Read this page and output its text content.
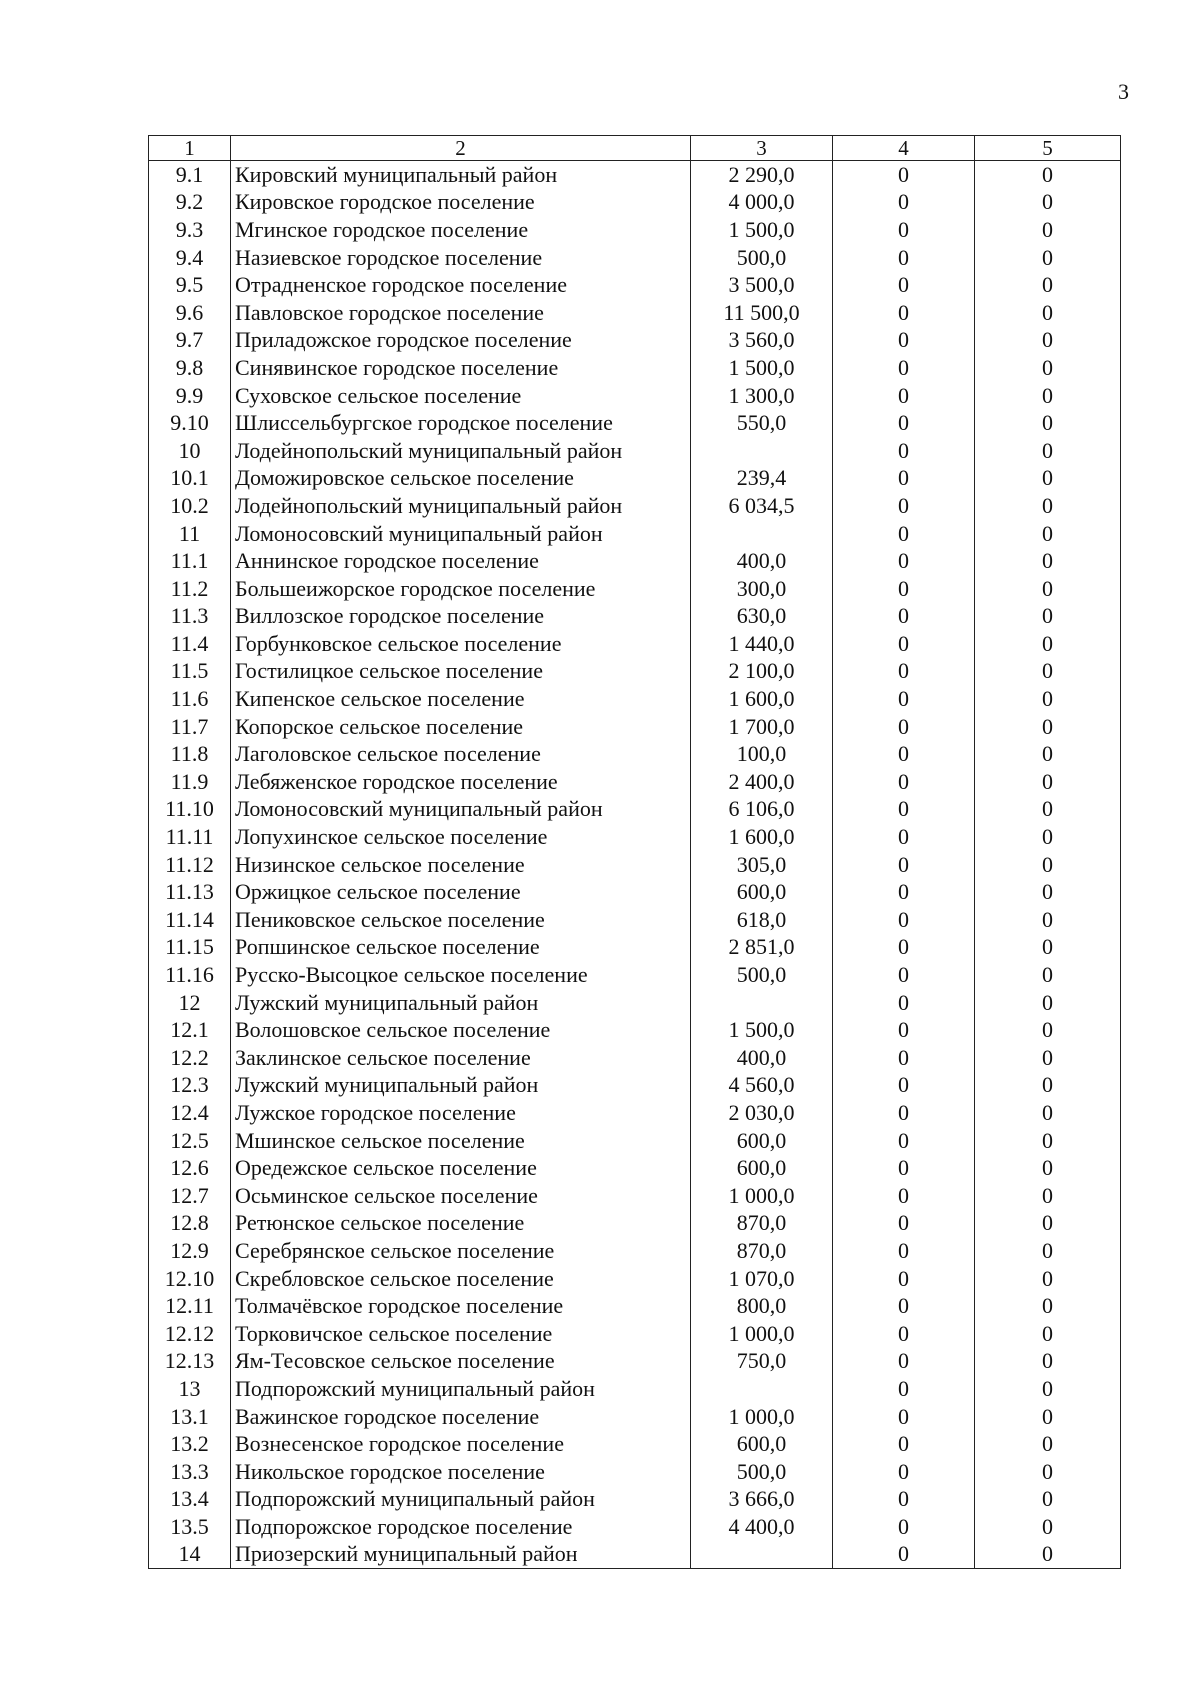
3
1	2	3	4	5
9.1	Кировский муниципальный район	2 290,0	0	0
9.2	Кировское городское поселение	4 000,0	0	0
9.3	Мгинское городское поселение	1 500,0	0	0
9.4	Назиевское городское поселение	500,0	0	0
9.5	Отрадненское городское поселение	3 500,0	0	0
9.6	Павловское городское поселение	11 500,0	0	0
9.7	Приладожское городское поселение	3 560,0	0	0
9.8	Синявинское городское поселение	1 500,0	0	0
9.9	Суховское сельское поселение	1 300,0	0	0
9.10	Шлиссельбургское городское поселение	550,0	0	0
10	Лодейнопольский муниципальный район		0	0
10.1	Доможировское сельское поселение	239,4	0	0
10.2	Лодейнопольский муниципальный район	6 034,5	0	0
11	Ломоносовский муниципальный район		0	0
11.1	Аннинское городское поселение	400,0	0	0
11.2	Большеижорское городское поселение	300,0	0	0
11.3	Виллозское городское поселение	630,0	0	0
11.4	Горбунковское сельское поселение	1 440,0	0	0
11.5	Гостилицкое сельское поселение	2 100,0	0	0
11.6	Кипенское сельское поселение	1 600,0	0	0
11.7	Копорское сельское поселение	1 700,0	0	0
11.8	Лаголовское сельское поселение	100,0	0	0
11.9	Лебяженское городское поселение	2 400,0	0	0
11.10	Ломоносовский муниципальный район	6 106,0	0	0
11.11	Лопухинское сельское поселение	1 600,0	0	0
11.12	Низинское сельское поселение	305,0	0	0
11.13	Оржицкое сельское поселение	600,0	0	0
11.14	Пениковское сельское поселение	618,0	0	0
11.15	Ропшинское сельское поселение	2 851,0	0	0
11.16	Русско-Высоцкое сельское поселение	500,0	0	0
12	Лужский муниципальный район		0	0
12.1	Волошовское сельское поселение	1 500,0	0	0
12.2	Заклинское сельское поселение	400,0	0	0
12.3	Лужский муниципальный район	4 560,0	0	0
12.4	Лужское городское поселение	2 030,0	0	0
12.5	Мшинское сельское поселение	600,0	0	0
12.6	Оредежское сельское поселение	600,0	0	0
12.7	Осьминское сельское поселение	1 000,0	0	0
12.8	Ретюнское сельское поселение	870,0	0	0
12.9	Серебрянское сельское поселение	870,0	0	0
12.10	Скребловское сельское поселение	1 070,0	0	0
12.11	Толмачёвское городское поселение	800,0	0	0
12.12	Торковичское сельское поселение	1 000,0	0	0
12.13	Ям-Тесовское сельское поселение	750,0	0	0
13	Подпорожский муниципальный район		0	0
13.1	Важинское городское поселение	1 000,0	0	0
13.2	Вознесенское городское поселение	600,0	0	0
13.3	Никольское городское поселение	500,0	0	0
13.4	Подпорожский муниципальный район	3 666,0	0	0
13.5	Подпорожское городское поселение	4 400,0	0	0
14	Приозерский муниципальный район		0	0
